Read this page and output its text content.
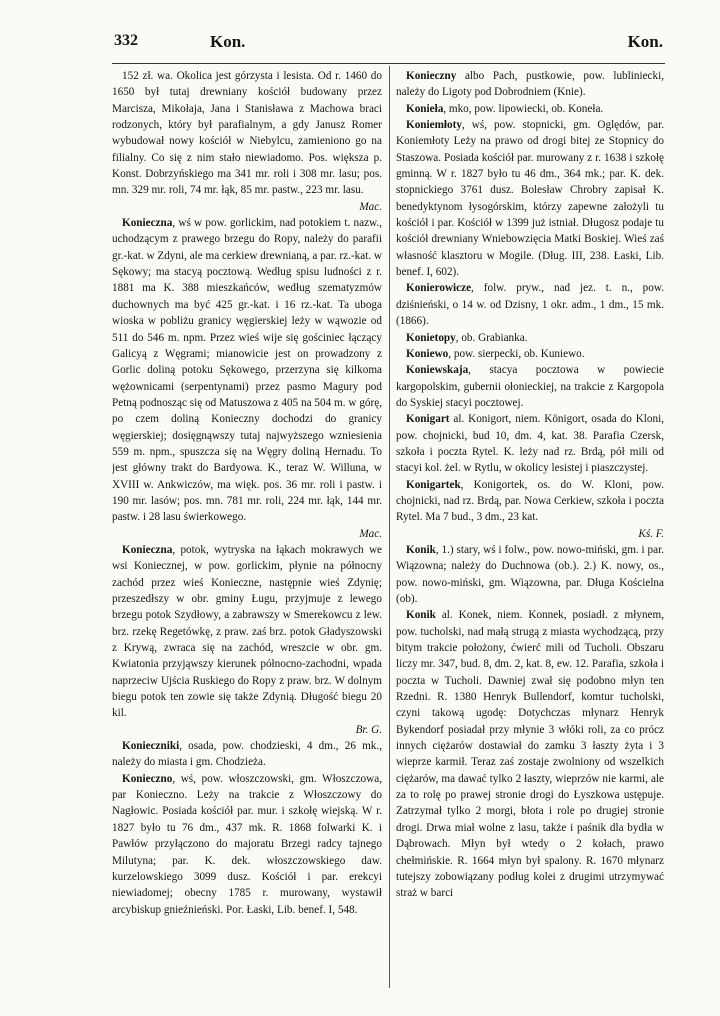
332	Kon.	Kon.

152 zł. wa. Okolica jest górzysta i lesista. Od r. 1460 do 1650 był tutaj drewniany kościół budowany przez Marcisza, Mikołaja, Jana i Stanisława z Machowa braci rodzonych, który był parafialnym, a gdy Janusz Romer wybudował nowy kościół w Niebylcu, zamieniono go na filialny. Co się z nim stało niewiadomo. Pos. większa p. Konst. Dobrzyńskiego ma 341 mr. roli i 308 mr. lasu; pos. mn. 329 mr. roli, 74 mr. łąk, 85 mr. pastw., 223 mr. lasu.
Mac.

Konieczna, wś w pow. gorlickim, nad potokiem t. nazw., uchodzącym z prawego brzegu do Ropy, należy do parafii gr.-kat. w Zdyni, ale ma cerkiew drewnianą, a par. rz.-kat. w Sękowy; ma stacyą pocztową. Według spisu ludności z r. 1881 ma K. 388 mieszkańców, według szematyzmów duchownych ma być 425 gr.-kat. i 16 rz.-kat. Ta uboga wioska w pobliżu granicy węgierskiej leży w wąwozie od 511 do 546 m. npm. Przez wieś wije się gościniec łączący Galicyą z Węgrami; mianowicie jest on prowadzony z Gorlic doliną potoku Sękowego, przerzyna się kilkoma wężownicami (serpentynami) przez pasmo Magury pod Petną podnosząc się od Matuszowa z 405 na 504 m. w górę, po czem doliną Konieczny dochodzi do granicy węgierskiej; dosięgnąwszy tutaj najwyższego wzniesienia 559 m. npm., spuszcza się na Węgry doliną Hernadu. To jest główny trakt do Bardyowa. K., teraz W. Willuna, w XVIII w. Ankwiczów, ma więk. pos. 36 mr. roli i pastw. i 190 mr. lasów; pos. mn. 781 mr. roli, 224 mr. łąk, 144 mr. pastw. i 28 lasu świerkowego.
Mac.

Konieczna, potok, wytryska na łąkach mokrawych we wsi Koniecznej, w pow. gorlickim, płynie na północny zachód przez wieś Konieczne, następnie wieś Zdynię; przeszedłszy w obr. gminy Ługu, przyjmuje z lewego brzegu potok Szydłowy, a zabrawszy w Smerekowcu z lew. brz. rzekę Regetówkę, z praw. zaś brz. potok Gładyszowski z Krywą, zwraca się na zachód, wreszcie w obr. gm. Kwiatonia przyjąwszy kierunek północno-zachodni, wpada naprzeciw Ujścia Ruskiego do Ropy z praw. brz. W dolnym biegu potok ten zowie się także Zdynią. Długość biegu 20 kil.
Br. G.

Konieczniki, osada, pow. chodzieski, 4 dm., 26 mk., należy do miasta i gm. Chodzieża.

Konieczno, wś, pow. włoszczowski, gm. Włoszczowa, par Konieczno. Leży na trakcie z Włoszczowy do Nagłowic. Posiada kościół par. mur. i szkołę wiejską. W r. 1827 było tu 76 dm., 437 mk. R. 1868 folwarki K. i Pawłów przyłączono do majoratu Brzegi radcy tajnego Milutyna; par. K. dek. włoszczowskiego daw. kurzelowskiego 3099 dusz. Kościół i par. erekcyi niewiadomej; obecny 1785 r. murowany, wystawił arcybiskup gnieźnieński. Por. Łaski, Lib. benef. I, 548.

Konieczny albo Pach, pustkowie, pow. lubliniecki, należy do Ligoty pod Dobrodniem (Knie).

Konieła, mko, pow. lipowiecki, ob. Koneła.

Koniemłoty, wś, pow. stopnicki, gm. Oględów, par. Koniemłoty Leży na prawo od drogi bitej ze Stopnicy do Staszowa. Posiada kościół par. murowany z r. 1638 i szkołę gminną. W r. 1827 było tu 46 dm., 364 mk.; par. K. dek. stopnickiego 3761 dusz. Bolesław Chrobry zapisał K. benedyktynom łysogórskim, którzy zapewne założyli tu kościół i par. Kościół w 1399 już istniał. Długosz podaje tu kościół drewniany Wniebowzięcia Matki Boskiej. Wieś zaś własność klasztoru w Mogile. (Dług. III, 238. Łaski, Lib. benef. I, 602).

Konierowicze, folw. pryw., nad jez. t. n., pow. dziśnieński, o 14 w. od Dzisny, 1 okr. adm., 1 dm., 15 mk. (1866).

Konietopy, ob. Grabianka.

Koniewo, pow. sierpecki, ob. Kuniewo.

Koniewskaja, stacya pocztowa w powiecie kargopolskim, gubernii ołonieckiej, na trakcie z Kargopola do Syskiej stacyi pocztowej.

Konigart al. Konigort, niem. Königort, osada do Kloni, pow. chojnicki, bud 10, dm. 4, kat. 38. Parafia Czersk, szkoła i poczta Rytel. K. leży nad rz. Brdą, pół mili od stacyi kol. żel. w Rytlu, w okolicy lesistej i piaszczystej.

Konigartek, Konigortek, os. do W. Kloni, pow. chojnicki, nad rz. Brdą, par. Nowa Cerkiew, szkoła i poczta Rytel. Ma 7 bud., 3 dm., 23 kat.
Kś. F.

Konik, 1.) stary, wś i folw., pow. nowo-miński, gm. i par. Wiązowna; należy do Duchnowa (ob.). 2.) K. nowy, os., pow. nowo-miński, gm. Wiązowna, par. Długa Kościelna (ob).

Konik al. Konek, niem. Konnek, posiadł. z młynem, pow. tucholski, nad małą strugą z miasta wychodzącą, przy bitym trakcie położony, ćwierć mili od Tucholi. Obszaru liczy mr. 347, bud. 8, dm. 2, kat. 8, ew. 12. Parafia, szkoła i poczta w Tucholi. Dawniej zwał się podobno młyn ten Rzedni. R. 1380 Henryk Bullendorf, komtur tucholski, czyni takową ugodę: Dotychczas młynarz Henryk Bykendorf posiadał przy młynie 3 włóki roli, za co prócz innych ciężarów dostawiał do zamku 3 łaszty żyta i 3 wieprze karmił. Teraz zaś zostaje zwolniony od wszelkich ciężarów, ma dawać tylko 2 łaszty, wieprzów nie karmi, ale za to rolę po prawej stronie drogi do Łyszkowa ustępuje. Zatrzymał tylko 2 morgi, błota i role po drugiej stronie drogi. Drwa miał wolne z lasu, także i paśnik dla bydła w Dąbrowach. Młyn był wtedy o 2 kołach, prawo chełmińskie. R. 1664 młyn był spalony. R. 1670 młynarz tutejszy zobowiązany podług kolei z drugimi utrzymywać straż w barci
